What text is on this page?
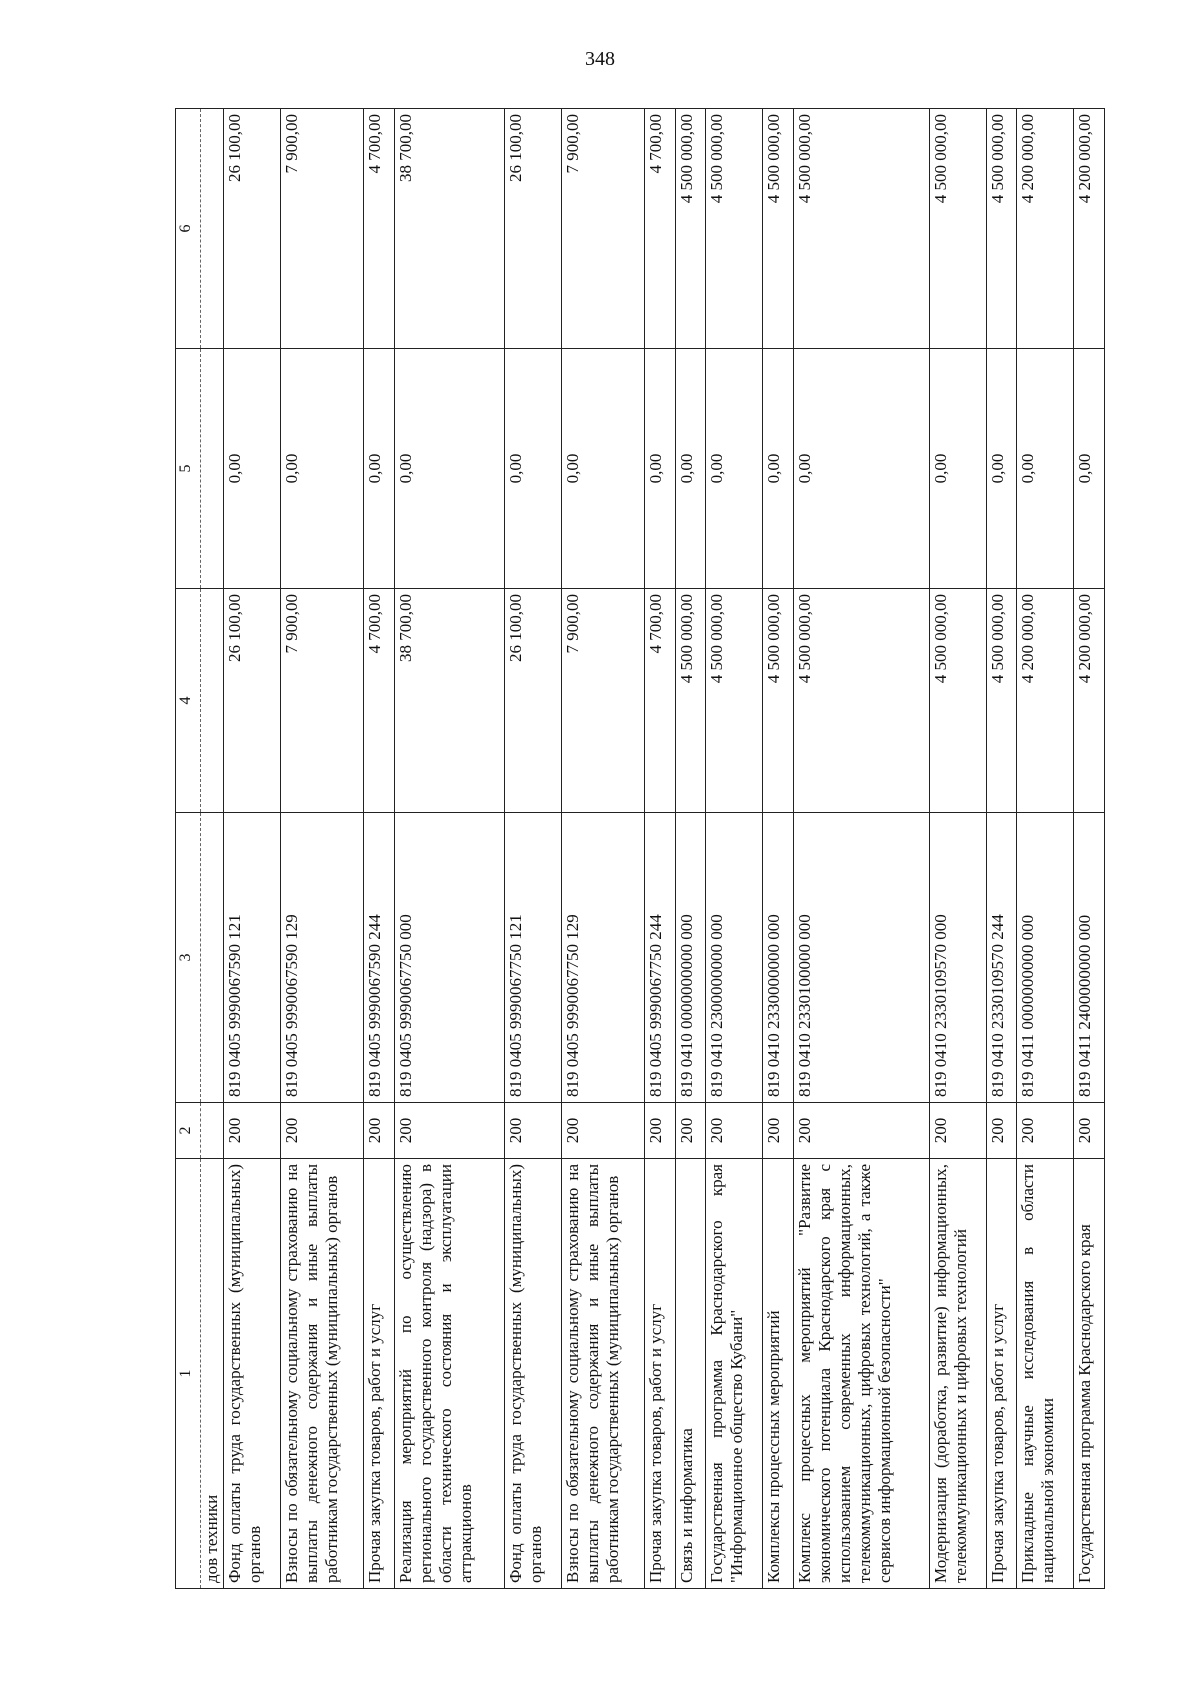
348
1	2	3	4	5	6
дов техники					
Фонд оплаты труда государственных (муниципальных) органов	200	819 0405 9990067590 121	26 100,00	0,00	26 100,00
Взносы по обязательному социальному страхованию на выплаты денежного содержания и иные выплаты работникам государственных (муниципальных) органов	200	819 0405 9990067590 129	7 900,00	0,00	7 900,00
Прочая закупка товаров, работ и услуг	200	819 0405 9990067590 244	4 700,00	0,00	4 700,00
Реализация мероприятий по осуществлению регионального государственного контроля (надзора) в области технического состояния и эксплуатации аттракционов	200	819 0405 9990067750 000	38 700,00	0,00	38 700,00
Фонд оплаты труда государственных (муниципальных) органов	200	819 0405 9990067750 121	26 100,00	0,00	26 100,00
Взносы по обязательному социальному страхованию на выплаты денежного содержания и иные выплаты работникам государственных (муниципальных) органов	200	819 0405 9990067750 129	7 900,00	0,00	7 900,00
Прочая закупка товаров, работ и услуг	200	819 0405 9990067750 244	4 700,00	0,00	4 700,00
Связь и информатика	200	819 0410 0000000000 000	4 500 000,00	0,00	4 500 000,00
Государственная программа Краснодарского края "Информационное общество Кубани"	200	819 0410 2300000000 000	4 500 000,00	0,00	4 500 000,00
Комплексы процессных мероприятий	200	819 0410 2330000000 000	4 500 000,00	0,00	4 500 000,00
Комплекс процессных мероприятий "Развитие экономического потенциала Краснодарского края с использованием современных информационных, телекоммуникационных, цифровых технологий, а также сервисов информационной безопасности"	200	819 0410 2330100000 000	4 500 000,00	0,00	4 500 000,00
Модернизация (доработка, развитие) информационных, телекоммуникационных и цифровых технологий	200	819 0410 2330109570 000	4 500 000,00	0,00	4 500 000,00
Прочая закупка товаров, работ и услуг	200	819 0410 2330109570 244	4 500 000,00	0,00	4 500 000,00
Прикладные научные исследования в области национальной экономики	200	819 0411 0000000000 000	4 200 000,00	0,00	4 200 000,00
Государственная программа Краснодарского края	200	819 0411 2400000000 000	4 200 000,00	0,00	4 200 000,00
